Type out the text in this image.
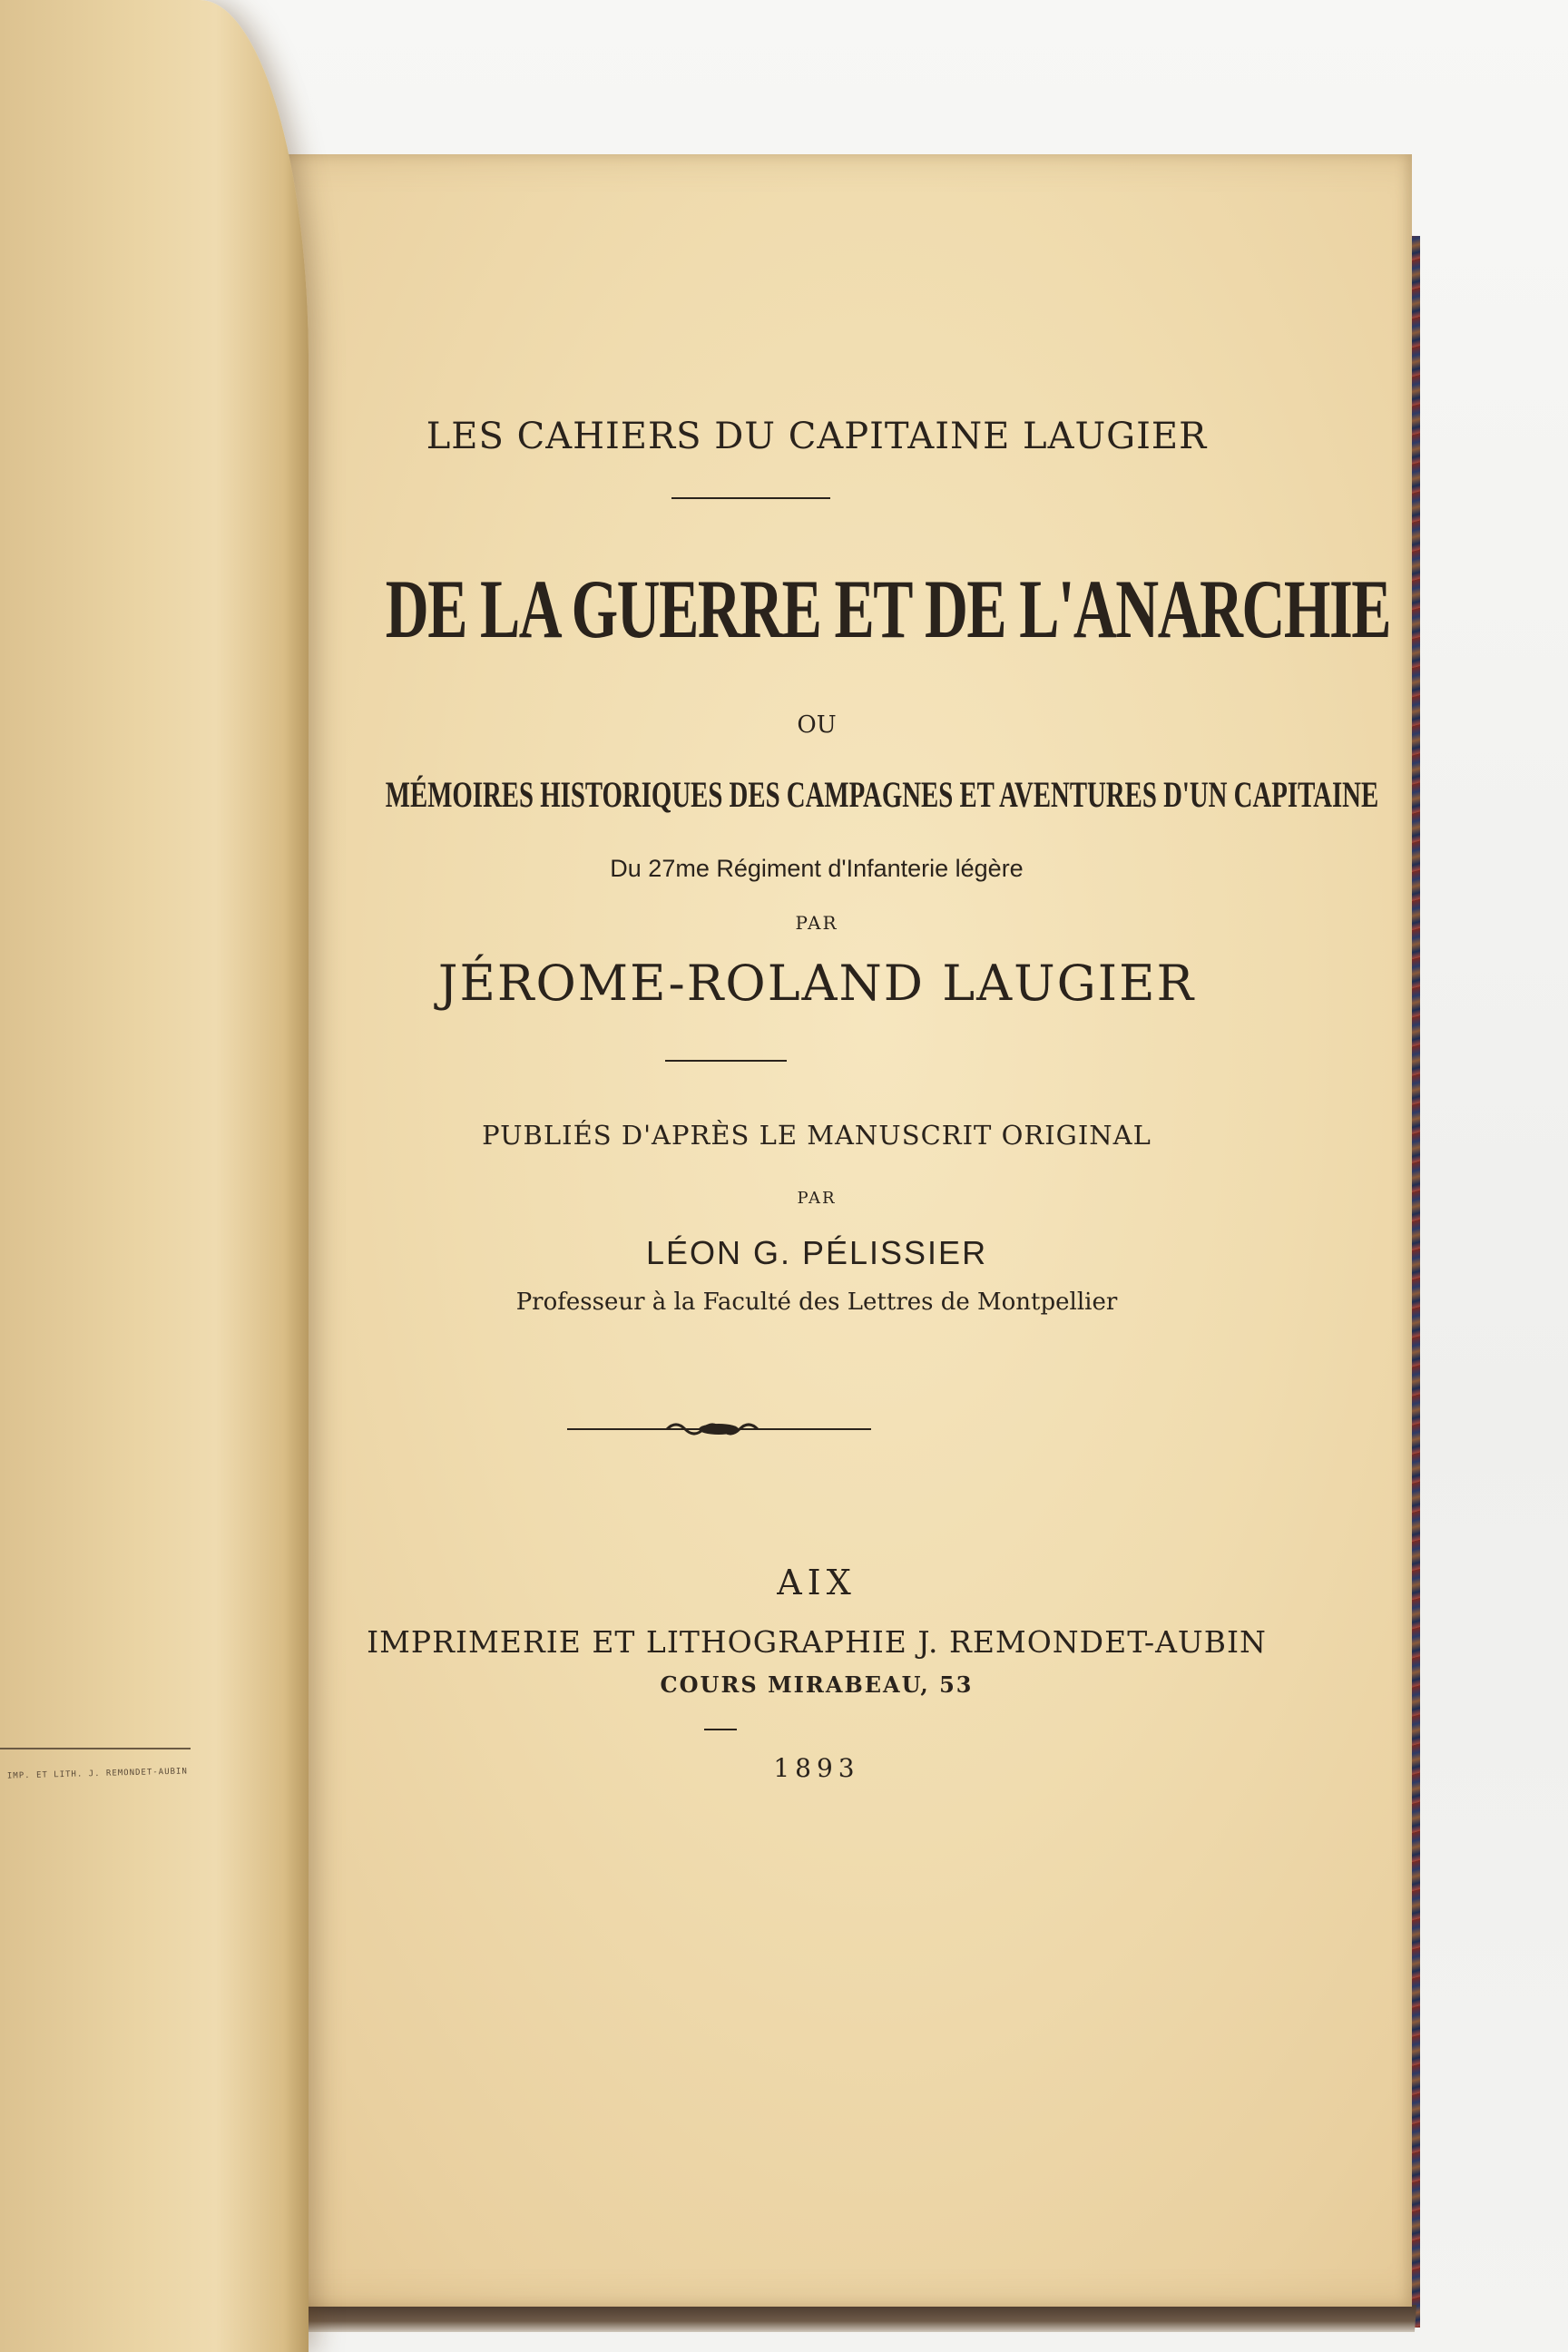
LES CAHIERS DU CAPITAINE LAUGIER
DE LA GUERRE ET DE L'ANARCHIE
OU
MÉMOIRES HISTORIQUES DES CAMPAGNES ET AVENTURES D'UN CAPITAINE
Du 27me Régiment d'Infanterie légère
PAR
JÉROME-ROLAND LAUGIER
PUBLIÉS D'APRÈS LE MANUSCRIT ORIGINAL
PAR
LÉON G. PÉLISSIER
Professeur à la Faculté des Lettres de Montpellier
AIX
IMPRIMERIE ET LITHOGRAPHIE J. REMONDET-AUBIN
COURS MIRABEAU, 53
1893
IMP. ET LITH. J. REMONDET-AUBIN
